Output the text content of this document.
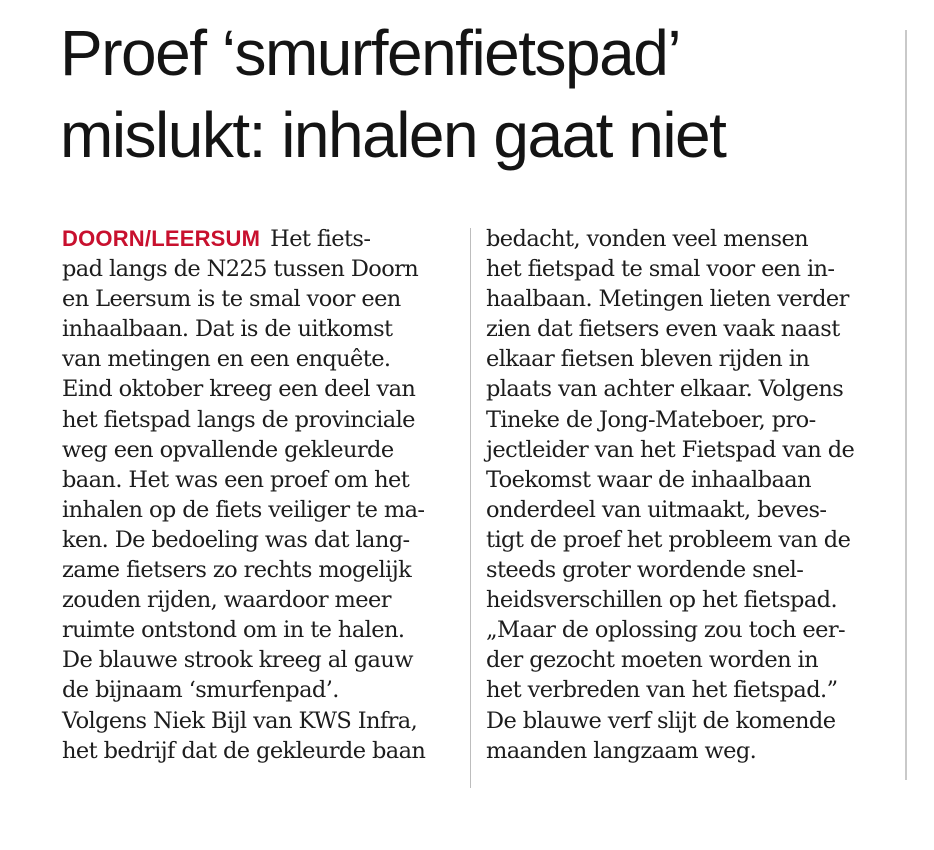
Proef ‘smurfenfietspad’
mislukt: inhalen gaat niet
DOORN/LEERSUM Het fiets-
pad langs de N225 tussen Doorn
en Leersum is te smal voor een
inhaalbaan. Dat is de uitkomst
van metingen en een enquête.
Eind oktober kreeg een deel van
het fietspad langs de provinciale
weg een opvallende gekleurde
baan. Het was een proef om het
inhalen op de fiets veiliger te ma-
ken. De bedoeling was dat lang-
zame fietsers zo rechts mogelijk
zouden rijden, waardoor meer
ruimte ontstond om in te halen.
De blauwe strook kreeg al gauw
de bijnaam ‘smurfenpad’.
Volgens Niek Bijl van KWS Infra,
het bedrijf dat de gekleurde baan
bedacht, vonden veel mensen
het fietspad te smal voor een in-
haalbaan. Metingen lieten verder
zien dat fietsers even vaak naast
elkaar fietsen bleven rijden in
plaats van achter elkaar. Volgens
Tineke de Jong-Mateboer, pro-
jectleider van het Fietspad van de
Toekomst waar de inhaalbaan
onderdeel van uitmaakt, beves-
tigt de proef het probleem van de
steeds groter wordende snel-
heidsverschillen op het fietspad.
„Maar de oplossing zou toch eer-
der gezocht moeten worden in
het verbreden van het fietspad.”
De blauwe verf slijt de komende
maanden langzaam weg.
